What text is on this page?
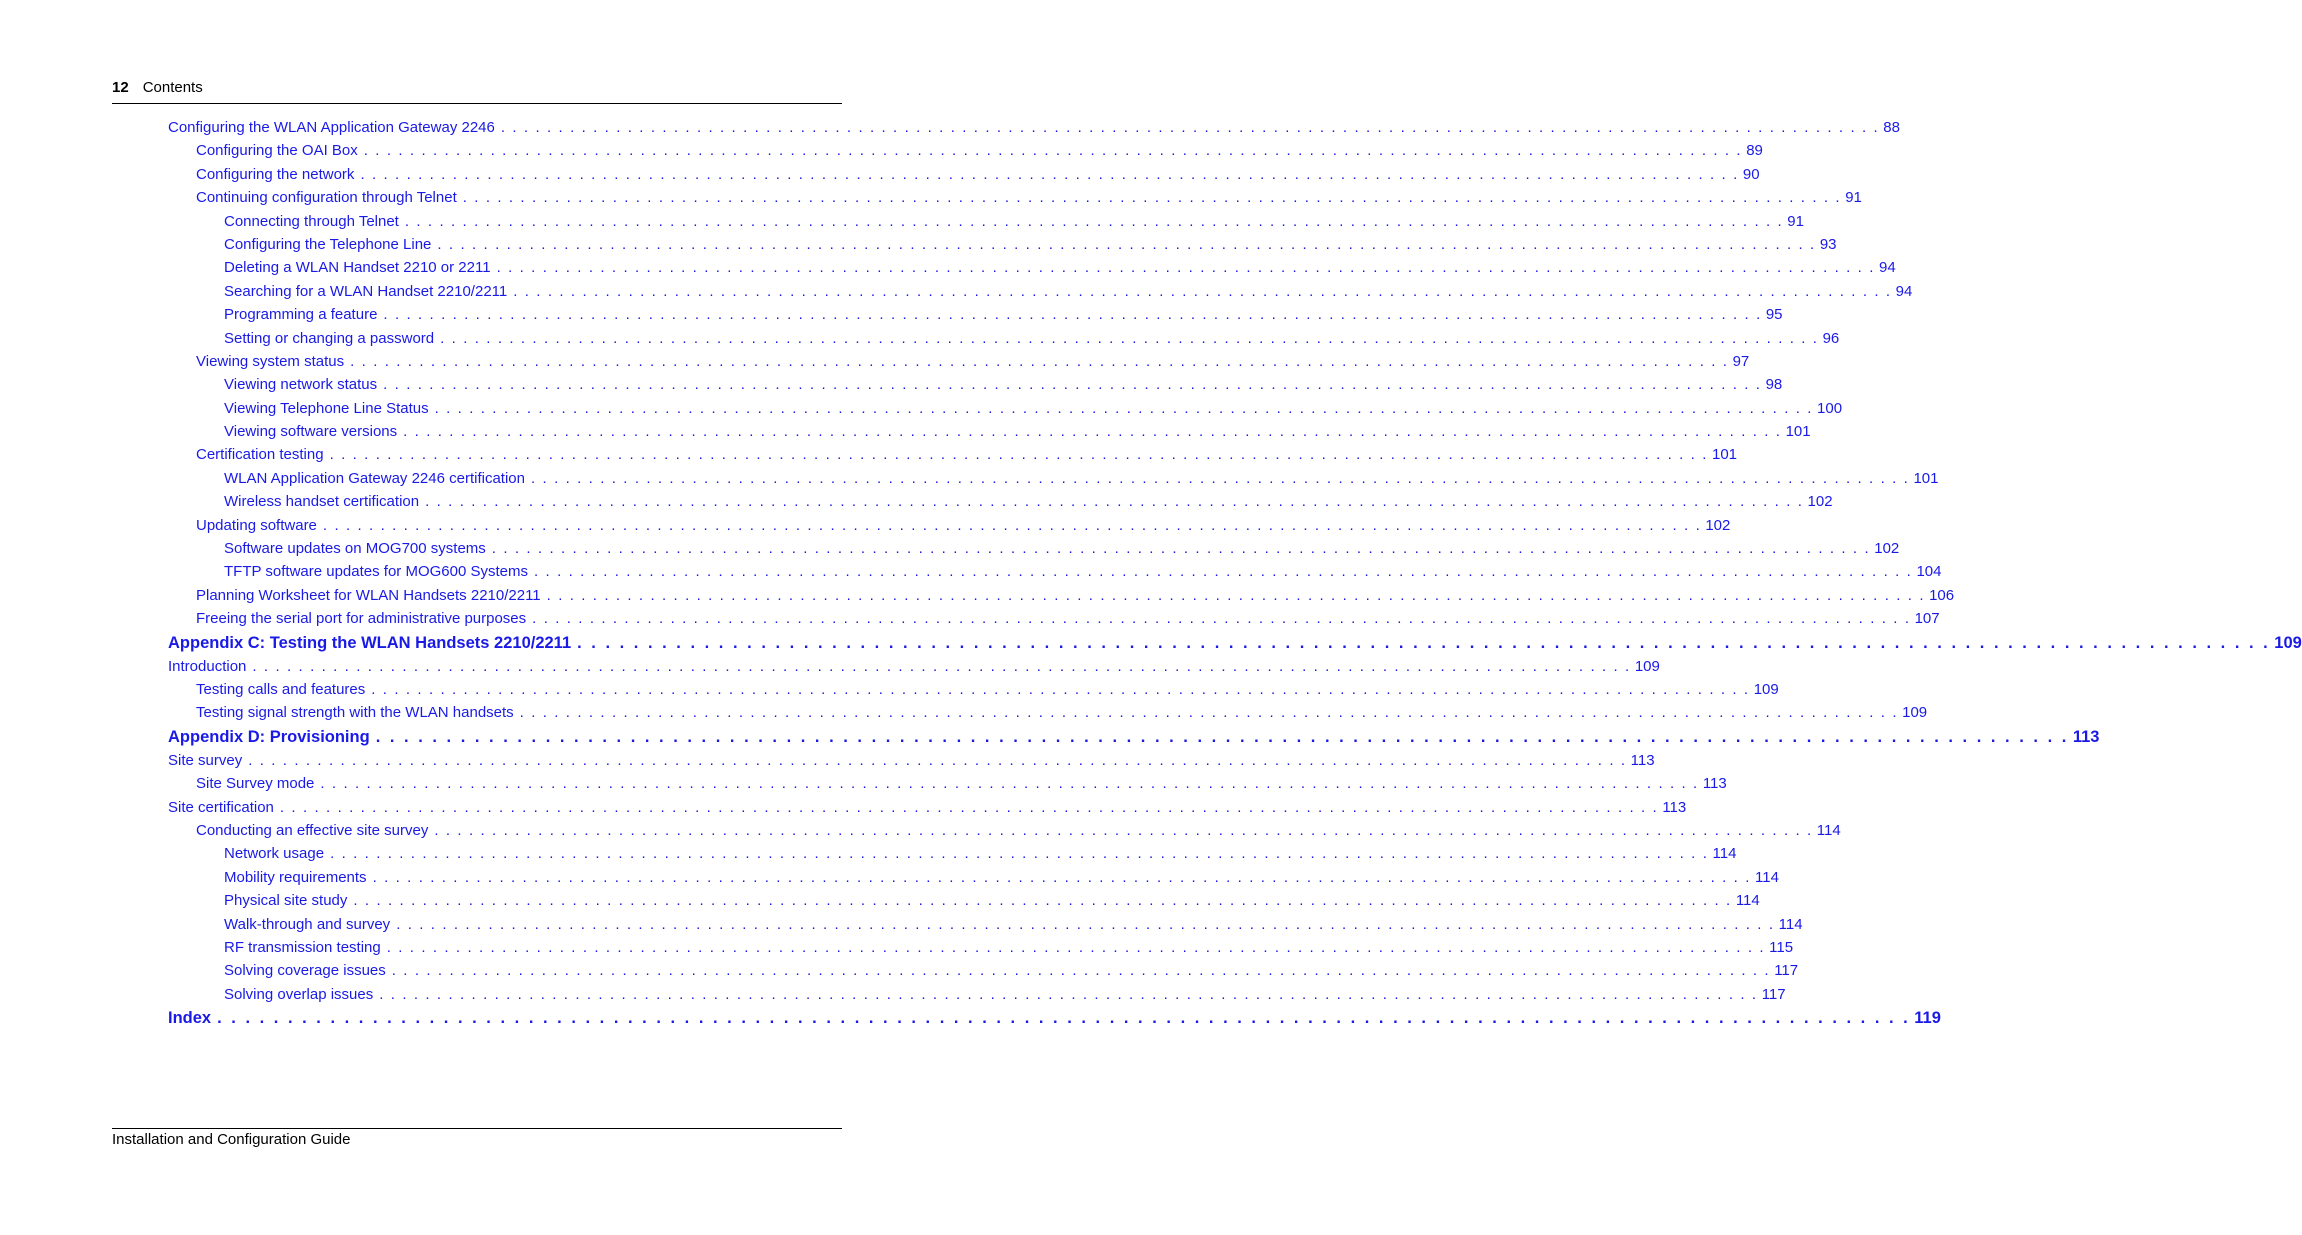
12 Contents
Configuring the WLAN Application Gateway 2246 . . . . . . . . . . . . . . . . . . . . . . . . . . . . . . . . . . . . . . . . . . . . . . . . . . . . . . . . . . . . . . . . . . . . . . . . . . . . . . . . . . . . . . . . . . . . . . . . . . . . . . . . . . . . . . . . . . . . . . . . 88
Configuring the OAI Box . . . . . . . . . . . . . . . . . . . . . . . . . . . . . . . . . . . . . . . . . . . . . . . . . . . . . . . . . . . . . . . . . . . . . . . . . . . . . . . . . . . . . . . . . . . . . . . . . . . . . . . . . . . . . . . . . . . . . . . . 89
Configuring the network . . . . . . . . . . . . . . . . . . . . . . . . . . . . . . . . . . . . . . . . . . . . . . . . . . . . . . . . . . . . . . . . . . . . . . . . . . . . . . . . . . . . . . . . . . . . . . . . . . . . . . . . . . . . . . . . . . . . . . . . 90
Continuing configuration through Telnet . . . . . . . . . . . . . . . . . . . . . . . . . . . . . . . . . . . . . . . . . . . . . . . . . . . . . . . . . . . . . . . . . . . . . . . . . . . . . . . . . . . . . . . . . . . . . . . . . . . . . . . . . . . . . . . . . . . . . . . . 91
Connecting through Telnet . . . . . . . . . . . . . . . . . . . . . . . . . . . . . . . . . . . . . . . . . . . . . . . . . . . . . . . . . . . . . . . . . . . . . . . . . . . . . . . . . . . . . . . . . . . . . . . . . . . . . . . . . . . . . . . . . . . . . . . . 91
Configuring the Telephone Line . . . . . . . . . . . . . . . . . . . . . . . . . . . . . . . . . . . . . . . . . . . . . . . . . . . . . . . . . . . . . . . . . . . . . . . . . . . . . . . . . . . . . . . . . . . . . . . . . . . . . . . . . . . . . . . . . . . . . . . . 93
Deleting a WLAN Handset 2210 or 2211 . . . . . . . . . . . . . . . . . . . . . . . . . . . . . . . . . . . . . . . . . . . . . . . . . . . . . . . . . . . . . . . . . . . . . . . . . . . . . . . . . . . . . . . . . . . . . . . . . . . . . . . . . . . . . . . . . . . . . . . . 94
Searching for a WLAN Handset 2210/2211 . . . . . . . . . . . . . . . . . . . . . . . . . . . . . . . . . . . . . . . . . . . . . . . . . . . . . . . . . . . . . . . . . . . . . . . . . . . . . . . . . . . . . . . . . . . . . . . . . . . . . . . . . . . . . . . . . . . . . . . . 94
Programming a feature . . . . . . . . . . . . . . . . . . . . . . . . . . . . . . . . . . . . . . . . . . . . . . . . . . . . . . . . . . . . . . . . . . . . . . . . . . . . . . . . . . . . . . . . . . . . . . . . . . . . . . . . . . . . . . . . . . . . . . . . 95
Setting or changing a password . . . . . . . . . . . . . . . . . . . . . . . . . . . . . . . . . . . . . . . . . . . . . . . . . . . . . . . . . . . . . . . . . . . . . . . . . . . . . . . . . . . . . . . . . . . . . . . . . . . . . . . . . . . . . . . . . . . . . . . . 96
Viewing system status . . . . . . . . . . . . . . . . . . . . . . . . . . . . . . . . . . . . . . . . . . . . . . . . . . . . . . . . . . . . . . . . . . . . . . . . . . . . . . . . . . . . . . . . . . . . . . . . . . . . . . . . . . . . . . . . . . . . . . . . 97
Viewing network status . . . . . . . . . . . . . . . . . . . . . . . . . . . . . . . . . . . . . . . . . . . . . . . . . . . . . . . . . . . . . . . . . . . . . . . . . . . . . . . . . . . . . . . . . . . . . . . . . . . . . . . . . . . . . . . . . . . . . . . . 98
Viewing Telephone Line Status . . . . . . . . . . . . . . . . . . . . . . . . . . . . . . . . . . . . . . . . . . . . . . . . . . . . . . . . . . . . . . . . . . . . . . . . . . . . . . . . . . . . . . . . . . . . . . . . . . . . . . . . . . . . . . . . . . . . . . . . 100
Viewing software versions . . . . . . . . . . . . . . . . . . . . . . . . . . . . . . . . . . . . . . . . . . . . . . . . . . . . . . . . . . . . . . . . . . . . . . . . . . . . . . . . . . . . . . . . . . . . . . . . . . . . . . . . . . . . . . . . . . . . . . . . 101
Certification testing . . . . . . . . . . . . . . . . . . . . . . . . . . . . . . . . . . . . . . . . . . . . . . . . . . . . . . . . . . . . . . . . . . . . . . . . . . . . . . . . . . . . . . . . . . . . . . . . . . . . . . . . . . . . . . . . . . . . . . . . 101
WLAN Application Gateway 2246 certification . . . . . . . . . . . . . . . . . . . . . . . . . . . . . . . . . . . . . . . . . . . . . . . . . . . . . . . . . . . . . . . . . . . . . . . . . . . . . . . . . . . . . . . . . . . . . . . . . . . . . . . . . . . . . . . . . . . . . . . . 101
Wireless handset certification . . . . . . . . . . . . . . . . . . . . . . . . . . . . . . . . . . . . . . . . . . . . . . . . . . . . . . . . . . . . . . . . . . . . . . . . . . . . . . . . . . . . . . . . . . . . . . . . . . . . . . . . . . . . . . . . . . . . . . . . 102
Updating software . . . . . . . . . . . . . . . . . . . . . . . . . . . . . . . . . . . . . . . . . . . . . . . . . . . . . . . . . . . . . . . . . . . . . . . . . . . . . . . . . . . . . . . . . . . . . . . . . . . . . . . . . . . . . . . . . . . . . . . . 102
Software updates on MOG700 systems . . . . . . . . . . . . . . . . . . . . . . . . . . . . . . . . . . . . . . . . . . . . . . . . . . . . . . . . . . . . . . . . . . . . . . . . . . . . . . . . . . . . . . . . . . . . . . . . . . . . . . . . . . . . . . . . . . . . . . . . 102
TFTP software updates for MOG600 Systems . . . . . . . . . . . . . . . . . . . . . . . . . . . . . . . . . . . . . . . . . . . . . . . . . . . . . . . . . . . . . . . . . . . . . . . . . . . . . . . . . . . . . . . . . . . . . . . . . . . . . . . . . . . . . . . . . . . . . . . . 104
Planning Worksheet for WLAN Handsets 2210/2211 . . . . . . . . . . . . . . . . . . . . . . . . . . . . . . . . . . . . . . . . . . . . . . . . . . . . . . . . . . . . . . . . . . . . . . . . . . . . . . . . . . . . . . . . . . . . . . . . . . . . . . . . . . . . . . . . . . . . . . . . 106
Freeing the serial port for administrative purposes . . . . . . . . . . . . . . . . . . . . . . . . . . . . . . . . . . . . . . . . . . . . . . . . . . . . . . . . . . . . . . . . . . . . . . . . . . . . . . . . . . . . . . . . . . . . . . . . . . . . . . . . . . . . . . . . . . . . . . . . 107
Appendix C: Testing the WLAN Handsets 2210/2211 . . . . . . . . . . . . . . . . . . . . . . . . . . . . . . . . . . . . . . . . . . . . . . . . . . . . . . . . . . . . . . . . . . . . . . . . . . . . . . . . . . . . . . . . . . . . . . . . . . . . . . . . . . . . . . . . . . . . . . . . 109
Introduction . . . . . . . . . . . . . . . . . . . . . . . . . . . . . . . . . . . . . . . . . . . . . . . . . . . . . . . . . . . . . . . . . . . . . . . . . . . . . . . . . . . . . . . . . . . . . . . . . . . . . . . . . . . . . . . . . . . . . . . . 109
Testing calls and features . . . . . . . . . . . . . . . . . . . . . . . . . . . . . . . . . . . . . . . . . . . . . . . . . . . . . . . . . . . . . . . . . . . . . . . . . . . . . . . . . . . . . . . . . . . . . . . . . . . . . . . . . . . . . . . . . . . . . . . . 109
Testing signal strength with the WLAN handsets . . . . . . . . . . . . . . . . . . . . . . . . . . . . . . . . . . . . . . . . . . . . . . . . . . . . . . . . . . . . . . . . . . . . . . . . . . . . . . . . . . . . . . . . . . . . . . . . . . . . . . . . . . . . . . . . . . . . . . . . 109
Appendix D: Provisioning . . . . . . . . . . . . . . . . . . . . . . . . . . . . . . . . . . . . . . . . . . . . . . . . . . . . . . . . . . . . . . . . . . . . . . . . . . . . . . . . . . . . . . . . . . . . . . . . . . . . . . . . . . . . . . . . . . . . . . . . 113
Site survey . . . . . . . . . . . . . . . . . . . . . . . . . . . . . . . . . . . . . . . . . . . . . . . . . . . . . . . . . . . . . . . . . . . . . . . . . . . . . . . . . . . . . . . . . . . . . . . . . . . . . . . . . . . . . . . . . . . . . . . . 113
Site Survey mode . . . . . . . . . . . . . . . . . . . . . . . . . . . . . . . . . . . . . . . . . . . . . . . . . . . . . . . . . . . . . . . . . . . . . . . . . . . . . . . . . . . . . . . . . . . . . . . . . . . . . . . . . . . . . . . . . . . . . . . . 113
Site certification . . . . . . . . . . . . . . . . . . . . . . . . . . . . . . . . . . . . . . . . . . . . . . . . . . . . . . . . . . . . . . . . . . . . . . . . . . . . . . . . . . . . . . . . . . . . . . . . . . . . . . . . . . . . . . . . . . . . . . . . 113
Conducting an effective site survey . . . . . . . . . . . . . . . . . . . . . . . . . . . . . . . . . . . . . . . . . . . . . . . . . . . . . . . . . . . . . . . . . . . . . . . . . . . . . . . . . . . . . . . . . . . . . . . . . . . . . . . . . . . . . . . . . . . . . . . . 114
Network usage . . . . . . . . . . . . . . . . . . . . . . . . . . . . . . . . . . . . . . . . . . . . . . . . . . . . . . . . . . . . . . . . . . . . . . . . . . . . . . . . . . . . . . . . . . . . . . . . . . . . . . . . . . . . . . . . . . . . . . . . 114
Mobility requirements . . . . . . . . . . . . . . . . . . . . . . . . . . . . . . . . . . . . . . . . . . . . . . . . . . . . . . . . . . . . . . . . . . . . . . . . . . . . . . . . . . . . . . . . . . . . . . . . . . . . . . . . . . . . . . . . . . . . . . . . 114
Physical site study . . . . . . . . . . . . . . . . . . . . . . . . . . . . . . . . . . . . . . . . . . . . . . . . . . . . . . . . . . . . . . . . . . . . . . . . . . . . . . . . . . . . . . . . . . . . . . . . . . . . . . . . . . . . . . . . . . . . . . . . 114
Walk-through and survey . . . . . . . . . . . . . . . . . . . . . . . . . . . . . . . . . . . . . . . . . . . . . . . . . . . . . . . . . . . . . . . . . . . . . . . . . . . . . . . . . . . . . . . . . . . . . . . . . . . . . . . . . . . . . . . . . . . . . . . . 114
RF transmission testing . . . . . . . . . . . . . . . . . . . . . . . . . . . . . . . . . . . . . . . . . . . . . . . . . . . . . . . . . . . . . . . . . . . . . . . . . . . . . . . . . . . . . . . . . . . . . . . . . . . . . . . . . . . . . . . . . . . . . . . . 115
Solving coverage issues . . . . . . . . . . . . . . . . . . . . . . . . . . . . . . . . . . . . . . . . . . . . . . . . . . . . . . . . . . . . . . . . . . . . . . . . . . . . . . . . . . . . . . . . . . . . . . . . . . . . . . . . . . . . . . . . . . . . . . . . 117
Solving overlap issues . . . . . . . . . . . . . . . . . . . . . . . . . . . . . . . . . . . . . . . . . . . . . . . . . . . . . . . . . . . . . . . . . . . . . . . . . . . . . . . . . . . . . . . . . . . . . . . . . . . . . . . . . . . . . . . . . . . . . . . . 117
Index . . . . . . . . . . . . . . . . . . . . . . . . . . . . . . . . . . . . . . . . . . . . . . . . . . . . . . . . . . . . . . . . . . . . . . . . . . . . . . . . . . . . . . . . . . . . . . . . . . . . . . . . . . . . . . . . . . . . . . . . 119
Installation and Configuration Guide
